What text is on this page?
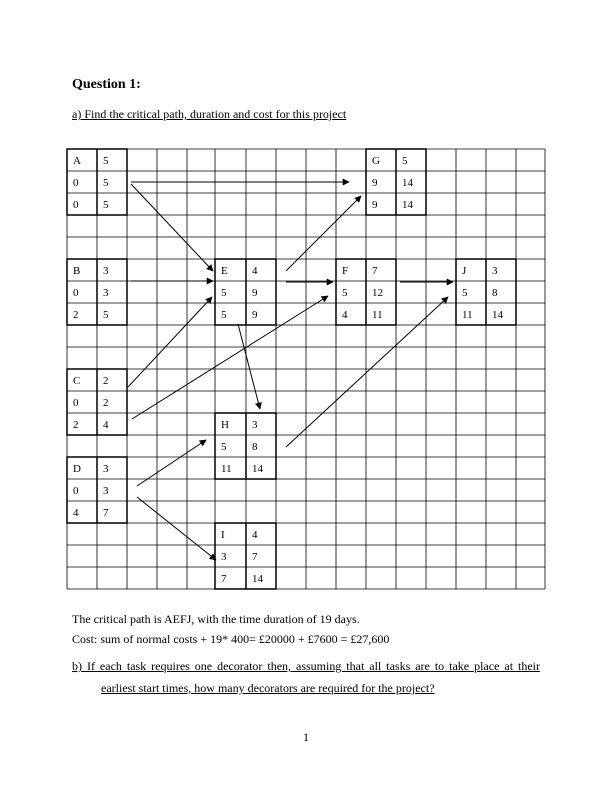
Question 1:
a) Find the critical path, duration and cost for this project
A 5
0 5
0 5
G 5
9 14
9 14
B 3
0 3
2 5
E 4
5 9
5 9
F 7
5 12
4 11
J 3
5 8
11 14
C 2
0 2
2 4	H 3
5 8
11 14
D 3
0 3
4 7
I 4
3 7
7 14
The critical path is AEFJ, with the time duration of 19 days.
Cost: sum of normal costs + 19* 400= £20000 + £7600 = £27,600
b) If each task requires one decorator then, assuming that all tasks are to take place at their
earliest start times, how many decorators are required for the project?
1
